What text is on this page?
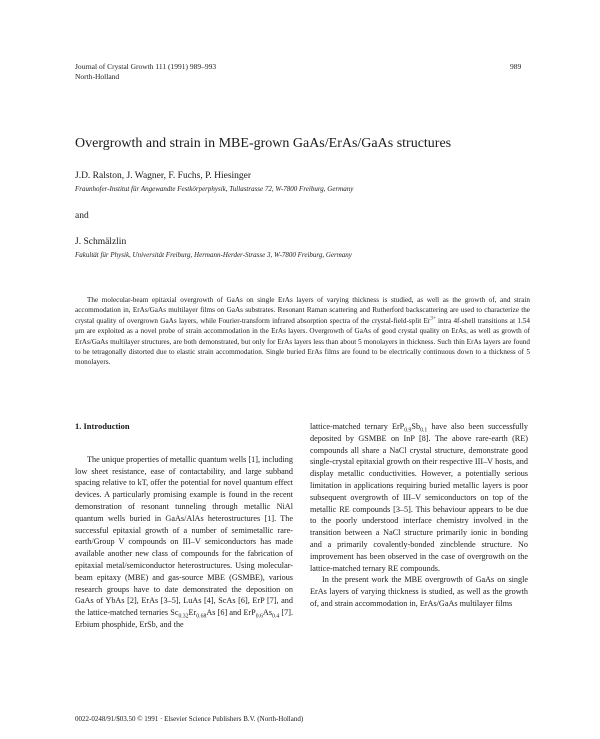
Journal of Crystal Growth 111 (1991) 989–993
North-Holland
989
Overgrowth and strain in MBE-grown GaAs/ErAs/GaAs structures
J.D. Ralston, J. Wagner, F. Fuchs, P. Hiesinger
Fraunhofer-Institut für Angewandte Festkörperphysik, Tullastrasse 72, W-7800 Freiburg, Germany
and
J. Schmälzlin
Fakultät für Physik, Universität Freiburg, Hermann-Herder-Strasse 3, W-7800 Freiburg, Germany
The molecular-beam epitaxial overgrowth of GaAs on single ErAs layers of varying thickness is studied, as well as the growth of, and strain accommodation in, ErAs/GaAs multilayer films on GaAs substrates. Resonant Raman scattering and Rutherford backscattering are used to characterize the crystal quality of overgrown GaAs layers, while Fourier-transform infrared absorption spectra of the crystal-field-split $Er^{3+}$ intra 4f-shell transitions at 1.54 μm are exploited as a novel probe of strain accommodation in the ErAs layers. Overgrowth of GaAs of good crystal quality on ErAs, as well as growth of ErAs/GaAs multilayer structures, are both demonstrated, but only for ErAs layers less than about 5 monolayers in thickness. Such thin ErAs layers are found to be tetragonally distorted due to elastic strain accommodation. Single buried ErAs films are found to be electrically continuous down to a thickness of 5 monolayers.
1. Introduction

The unique properties of metallic quantum wells [1], including low sheet resistance, ease of contactability, and large subband spacing relative to kT, offer the potential for novel quantum effect devices. A particularly promising example is found in the recent demonstration of resonant tunneling through metallic NiAl quantum wells buried in GaAs/AlAs heterostructures [1]. The successful epitaxial growth of a number of semimetallic rare-earth/Group V compounds on III–V semiconductors has made available another new class of compounds for the fabrication of epitaxial metal/semiconductor heterostructures. Using molecular-beam epitaxy (MBE) and gas-source MBE (GSMBE), various research groups have to date demonstrated the deposition on GaAs of YbAs [2], ErAs [3–5], LuAs [4], ScAs [6], ErP [7], and the lattice-matched ternaries $Sc_{0.32}Er_{0.68}As$ [6] and $ErP_{0.6}As_{0.4}$ [7]. Erbium phosphide, ErSb, and the

lattice-matched ternary $ErP_{0.9}Sb_{0.1}$ have also been successfully deposited by GSMBE on InP [8]. The above rare-earth (RE) compounds all share a NaCl crystal structure, demonstrate good single-crystal epitaxial growth on their respective III–V hosts, and display metallic conductivities. However, a potentially serious limitation in applications requiring buried metallic layers is poor subsequent overgrowth of III–V semiconductors on top of the metallic RE compounds [3–5]. This behaviour appears to be due to the poorly understood interface chemistry involved in the transition between a NaCl structure primarily ionic in bonding and a primarily covalently-bonded zincblende structure. No improvement has been observed in the case of overgrowth on the lattice-matched ternary RE compounds.

In the present work the MBE overgrowth of GaAs on single ErAs layers of varying thickness is studied, as well as the growth of, and strain accommodation in, ErAs/GaAs multilayer films

0022-0248/91/$03.50 © 1991 · Elsevier Science Publishers B.V. (North-Holland)
